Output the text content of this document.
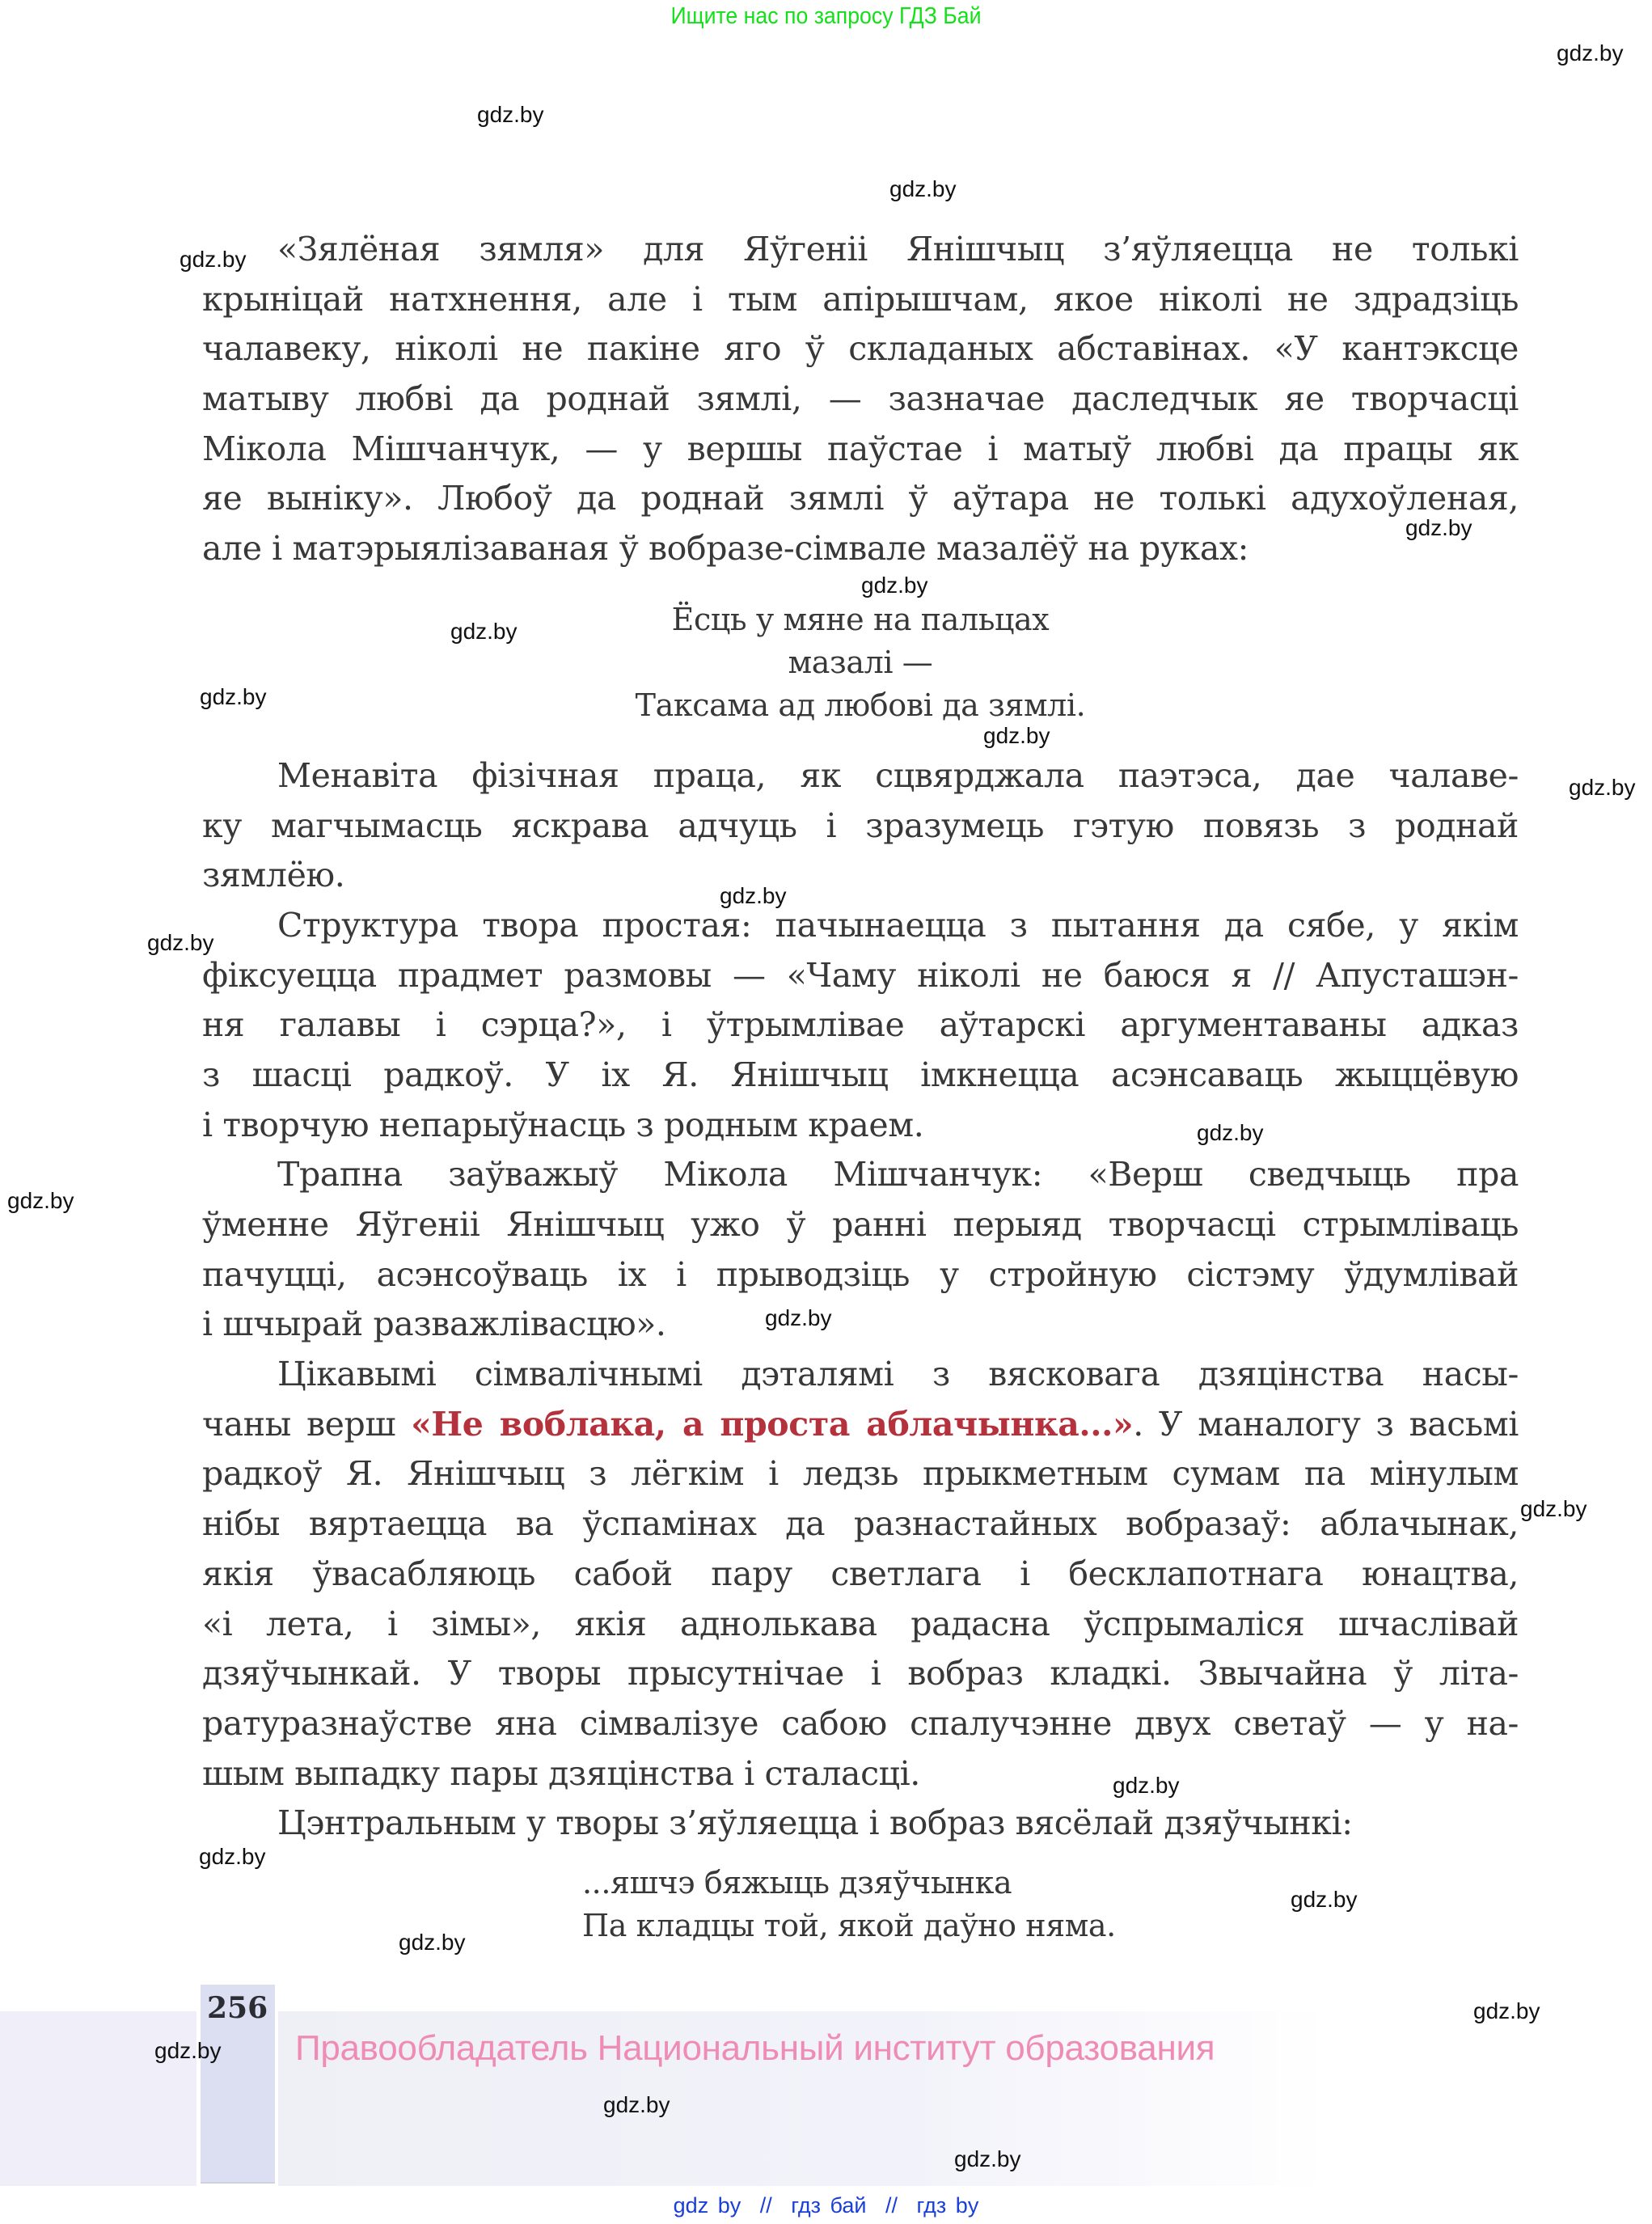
Ищите нас по запросу ГДЗ Бай
«Зялёная зямля» для Яўгеніі Янішчыц з’яўляецца не толькі
крыніцай натхнення, але і тым апірышчам, якое ніколі не здрадзіць
чалавеку, ніколі не пакіне яго ў складаных абставінах. «У кантэксце
матыву любві да роднай зямлі, — зазначае даследчык яе творчасці
Мікола Мішчанчук, — у вершы паўстае і матыў любві да працы як
яе выніку». Любоў да роднай зямлі ў аўтара не толькі адухоўленая,
але і матэрыялізаваная ў вобразе-сімвале мазалёў на руках:
Ёсць у мяне на пальцах
мазалі —
Таксама ад любові да зямлі.
Менавіта фізічная праца, як сцвярджала паэтэса, дае чалаве-
ку магчымасць яскрава адчуць і зразумець гэтую повязь з роднай
зямлёю.
Структура твора простая: пачынаецца з пытання да сябе, у якім
фіксуецца прадмет размовы — «Чаму ніколі не баюся я // Апусташэн-
ня галавы і сэрца?», і ўтрымлівае аўтарскі аргументаваны адказ
з шасці радкоў. У іх Я. Янішчыц імкнецца асэнсаваць жыццёвую
і творчую непарыўнасць з родным краем.
Трапна заўважыў Мікола Мішчанчук: «Верш сведчыць пра
ўменне Яўгеніі Янішчыц ужо ў ранні перыяд творчасці стрымліваць
пачуцці, асэнсоўваць іх і прыводзіць у стройную сістэму ўдумлівай
і шчырай разважлівасцю».
Цікавымі сімвалічнымі дэталямі з вясковага дзяцінства насы-
чаны верш «Не воблака, а проста аблачынка...». У маналогу з васьмі
радкоў Я. Янішчыц з лёгкім і ледзь прыкметным сумам па мінулым
нібы вяртаецца ва ўспамінах да разнастайных вобразаў: аблачынак,
якія ўвасабляюць сабой пару светлага і бесклапотнага юнацтва,
«і лета, і зімы», якія аднолькава радасна ўспрымаліся шчаслівай
дзяўчынкай. У творы прысутнічае і вобраз кладкі. Звычайна ў літа-
ратуразнаўстве яна сімвалізуе сабою спалучэнне двух светаў — у на-
шым выпадку пары дзяцінства і сталасці.
Цэнтральным у творы з’яўляецца і вобраз вясёлай дзяўчынкі:
...яшчэ бяжыць дзяўчынка
Па кладцы той, якой даўно няма.
256
Правообладатель Национальный институт образования
gdz by // гдз бай // гдз by
gdz.by
gdz.by
gdz.by
gdz.by
gdz.by
gdz.by
gdz.by
gdz.by
gdz.by
gdz.by
gdz.by
gdz.by
gdz.by
gdz.by
gdz.by
gdz.by
gdz.by
gdz.by
gdz.by
gdz.by
gdz.by
gdz.by
gdz.by
gdz.by
